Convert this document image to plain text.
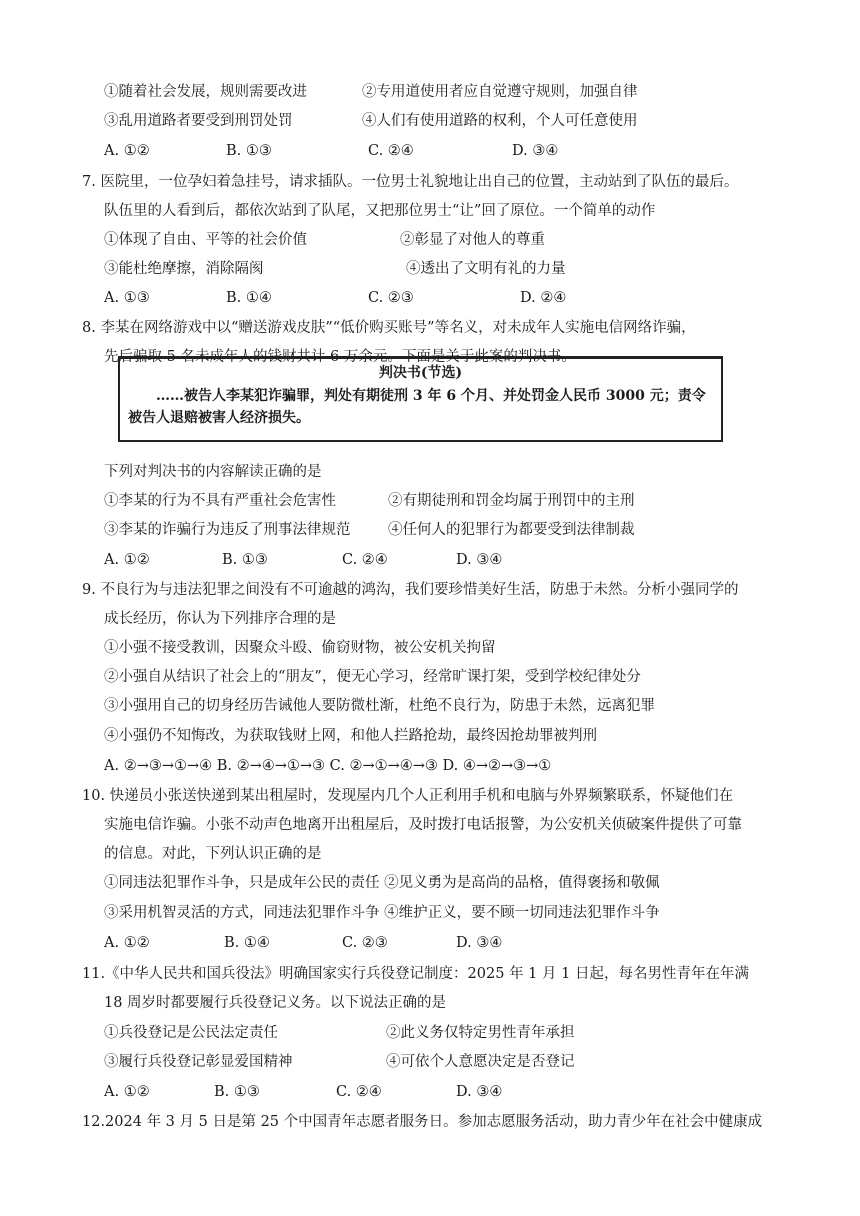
①随着社会发展，规则需要改进	②专用道使用者应自觉遵守规则，加强自律
③乱用道路者要受到刑罚处罚	④人们有使用道路的权利，个人可任意使用
A. ①②	B. ①③	C. ②④	D. ③④
7. 医院里，一位孕妇着急挂号，请求插队。一位男士礼貌地让出自己的位置，主动站到了队伍的最后。
队伍里的人看到后，都依次站到了队尾，又把那位男士“让”回了原位。一个简单的动作
①体现了自由、平等的社会价值	②彰显了对他人的尊重
③能杜绝摩擦，消除隔阂	④透出了文明有礼的力量
A. ①③	B. ①④	C. ②③	D. ②④
8. 李某在网络游戏中以“赠送游戏皮肤”“低价购买账号”等名义，对未成年人实施电信网络诈骗，
先后骗取 5 名未成年人的钱财共计 6 万余元。下面是关于此案的判决书。
判决书(节选)
……被告人李某犯诈骗罪，判处有期徒刑 3 年 6 个月、并处罚金人民币 3000 元；责令被告人退赔被害人经济损失。
下列对判决书的内容解读正确的是
①李某的行为不具有严重社会危害性	②有期徒刑和罚金均属于刑罚中的主刑
③李某的诈骗行为违反了刑事法律规范	④任何人的犯罪行为都要受到法律制裁
A. ①②	B. ①③	C. ②④	D. ③④
9. 不良行为与违法犯罪之间没有不可逾越的鸿沟，我们要珍惜美好生活，防患于未然。分析小强同学的
成长经历，你认为下列排序合理的是
①小强不接受教训，因聚众斗殴、偷窃财物，被公安机关拘留
②小强自从结识了社会上的“朋友”，便无心学习，经常旷课打架，受到学校纪律处分
③小强用自己的切身经历告诫他人要防微杜渐，杜绝不良行为，防患于未然，远离犯罪
④小强仍不知悔改，为获取钱财上网，和他人拦路抢劫，最终因抢劫罪被判刑
A. ②→③→①→④ B. ②→④→①→③ C. ②→①→④→③ D. ④→②→③→①
10. 快递员小张送快递到某出租屋时，发现屋内几个人正利用手机和电脑与外界频繁联系，怀疑他们在
实施电信诈骗。小张不动声色地离开出租屋后，及时拨打电话报警，为公安机关侦破案件提供了可靠
的信息。对此，下列认识正确的是
①同违法犯罪作斗争，只是成年公民的责任 ②见义勇为是高尚的品格，值得褒扬和敬佩
③采用机智灵活的方式，同违法犯罪作斗争 ④维护正义，要不顾一切同违法犯罪作斗争
A. ①②	B. ①④	C. ②③	D. ③④
11.《中华人民共和国兵役法》明确国家实行兵役登记制度：2025 年 1 月 1 日起，每名男性青年在年满
18 周岁时都要履行兵役登记义务。以下说法正确的是
①兵役登记是公民法定责任	②此义务仅特定男性青年承担
③履行兵役登记彰显爱国精神	④可依个人意愿决定是否登记
A. ①②	B. ①③	C. ②④	D. ③④
12.2024 年 3 月 5 日是第 25 个中国青年志愿者服务日。参加志愿服务活动，助力青少年在社会中健康成
